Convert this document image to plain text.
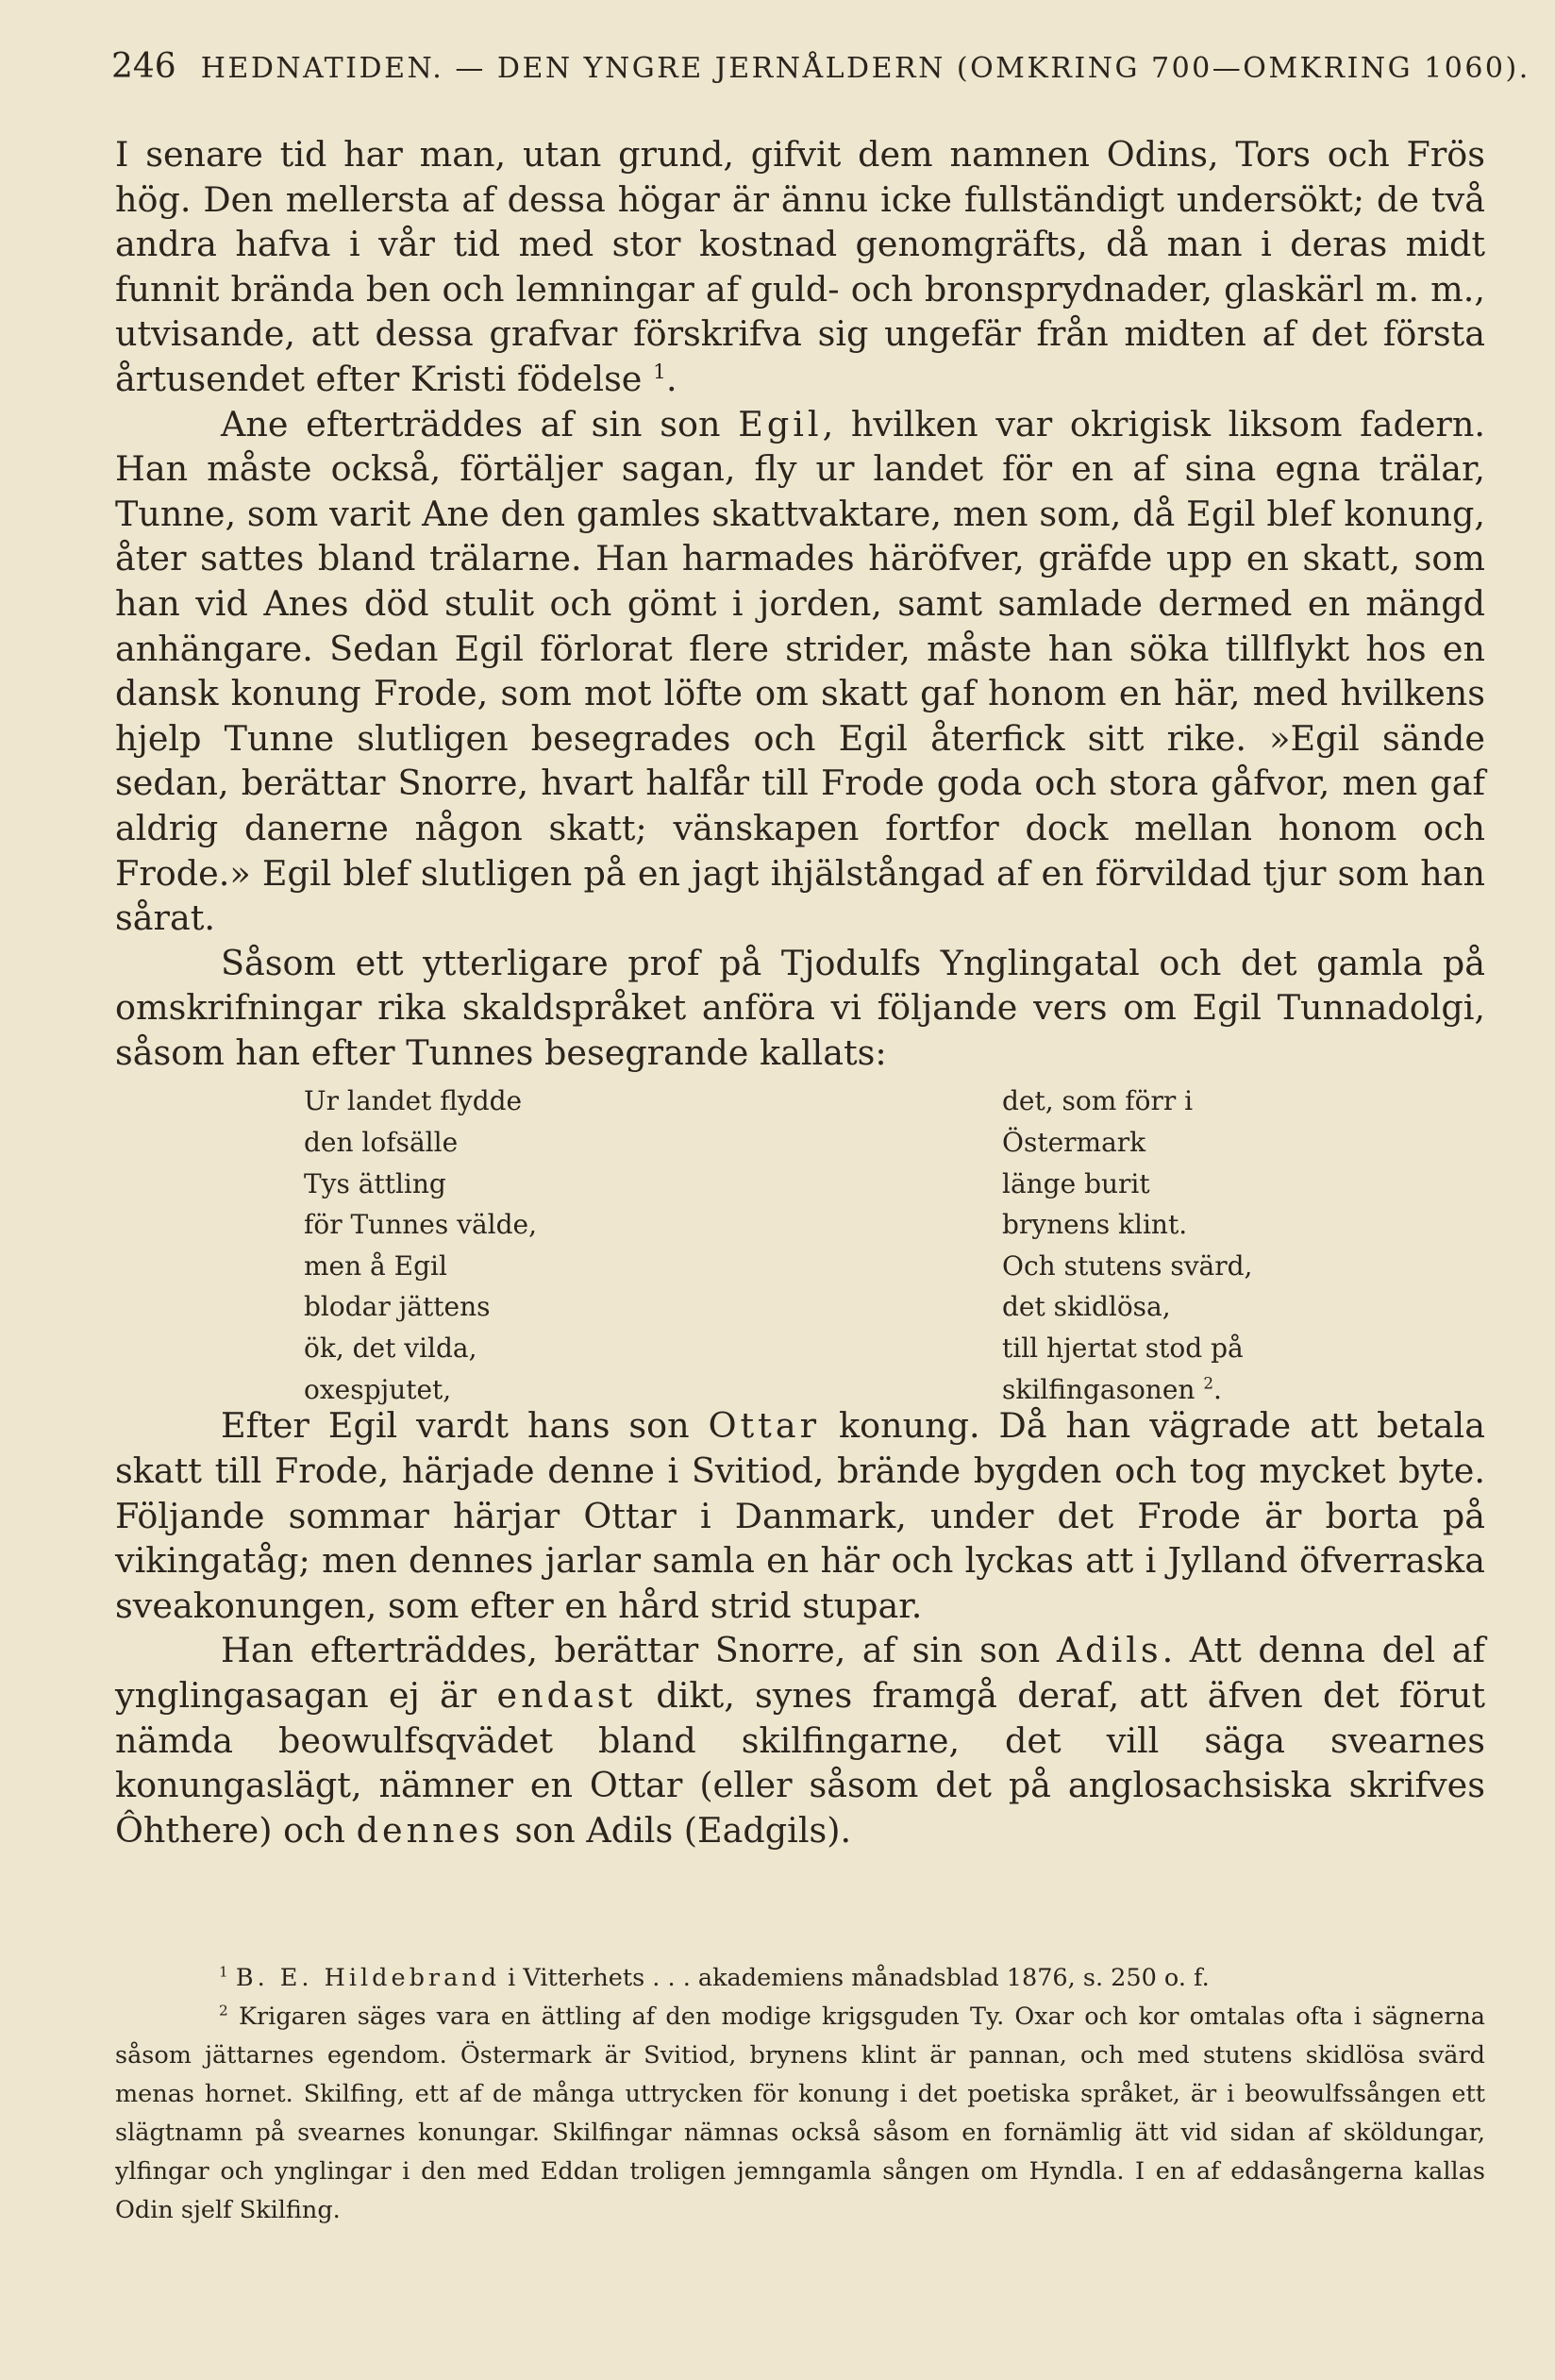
246 HEDNATIDEN. — DEN YNGRE JERNÅLDERN (OMKRING 700—OMKRING 1060).

I senare tid har man, utan grund, gifvit dem namnen Odins, Tors och Frös hög. Den mellersta af dessa högar är ännu icke fullständigt undersökt; de två andra hafva i vår tid med stor kostnad genomgräfts, då man i deras midt funnit brända ben och lemningar af guld- och bronsprydnader, glaskärl m. m., utvisande, att dessa grafvar förskrifva sig ungefär från midten af det första årtusendet efter Kristi födelse $^1$.

Ane efterträddes af sin son Egil, hvilken var okrigisk liksom fadern. Han måste också, förtäljer sagan, fly ur landet för en af sina egna trälar, Tunne, som varit Ane den gamles skattvaktare, men som, då Egil blef konung, åter sattes bland trälarne. Han harmades häröfver, gräfde upp en skatt, som han vid Anes död stulit och gömt i jorden, samt samlade dermed en mängd anhängare. Sedan Egil förlorat flere strider, måste han söka tillflykt hos en dansk konung Frode, som mot löfte om skatt gaf honom en här, med hvilkens hjelp Tunne slutligen besegrades och Egil återfick sitt rike. »Egil sände sedan, berättar Snorre, hvart halfår till Frode goda och stora gåfvor, men gaf aldrig danerne någon skatt; vänskapen fortfor dock mellan honom och Frode.» Egil blef slutligen på en jagt ihjälstångad af en förvildad tjur som han sårat.

Såsom ett ytterligare prof på Tjodulfs Ynglingatal och det gamla på omskrifningar rika skaldspråket anföra vi följande vers om Egil Tunnadolgi, såsom han efter Tunnes besegrande kallats:

Ur landet flydde
den lofsälle
Tys ättling
för Tunnes välde,
men å Egil
blodar jättens
ök, det vilda,
oxespjutet,
det, som förr i
Östermark
länge burit
brynens klint.
Och stutens svärd,
det skidlösa,
till hjertat stod på
skilfingasonen $^2$.

Efter Egil vardt hans son Ottar konung. Då han vägrade att betala skatt till Frode, härjade denne i Svitiod, brände bygden och tog mycket byte. Följande sommar härjar Ottar i Danmark, under det Frode är borta på vikingatåg; men dennes jarlar samla en här och lyckas att i Jylland öfverraska sveakonungen, som efter en hård strid stupar.

Han efterträddes, berättar Snorre, af sin son Adils. Att denna del af ynglingasagan ej är endast dikt, synes framgå deraf, att äfven det förut nämda beowulfsqvädet bland skilfingarne, det vill säga svearnes konungaslägt, nämner en Ottar (eller såsom det på anglosachsiska skrifves Ôhthere) och dennes son Adils (Eadgils).

$^1$ B. E. Hildebrand i Vitterhets . . . akademiens månadsblad 1876, s. 250 o. f.

$^2$ Krigaren säges vara en ättling af den modige krigsguden Ty. Oxar och kor omtalas ofta i sägnerna såsom jättarnes egendom. Östermark är Svitiod, brynens klint är pannan, och med stutens skidlösa svärd menas hornet. Skilfing, ett af de många uttrycken för konung i det poetiska språket, är i beowulfssången ett slägtnamn på svearnes konungar. Skilfingar nämnas också såsom en fornämlig ätt vid sidan af sköldungar, ylfingar och ynglingar i den med Eddan troligen jemngamla sången om Hyndla. I en af eddasångerna kallas Odin sjelf Skilfing.
